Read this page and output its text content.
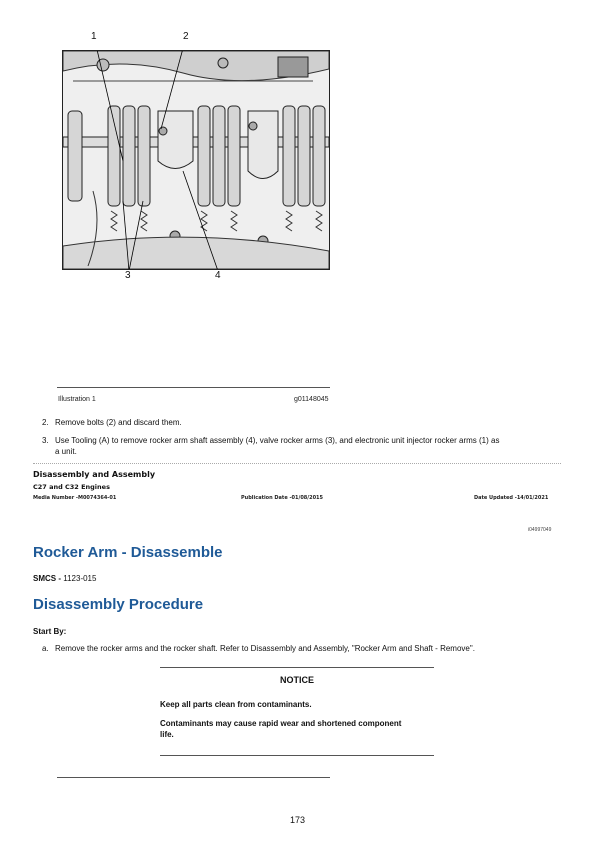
1	2
3	4
Illustration 1	g01148045
2. Remove bolts (2) and discard them.
3. Use Tooling (A) to remove rocker arm shaft assembly (4), valve rocker arms (3), and electronic unit injector rocker arms (1) as
a unit.
Disassembly and Assembly
C27 and C32 Engines
Media Number -M0074364-01	Publication Date -01/08/2015	Date Updated -14/01/2021
i04997049
Rocker Arm - Disassemble
SMCS - 1123-015
Disassembly Procedure
Start By:
a. Remove the rocker arms and the rocker shaft. Refer to Disassembly and Assembly, "Rocker Arm and Shaft - Remove".
NOTICE
Keep all parts clean from contaminants.
Contaminants may cause rapid wear and shortened component
life.
173
